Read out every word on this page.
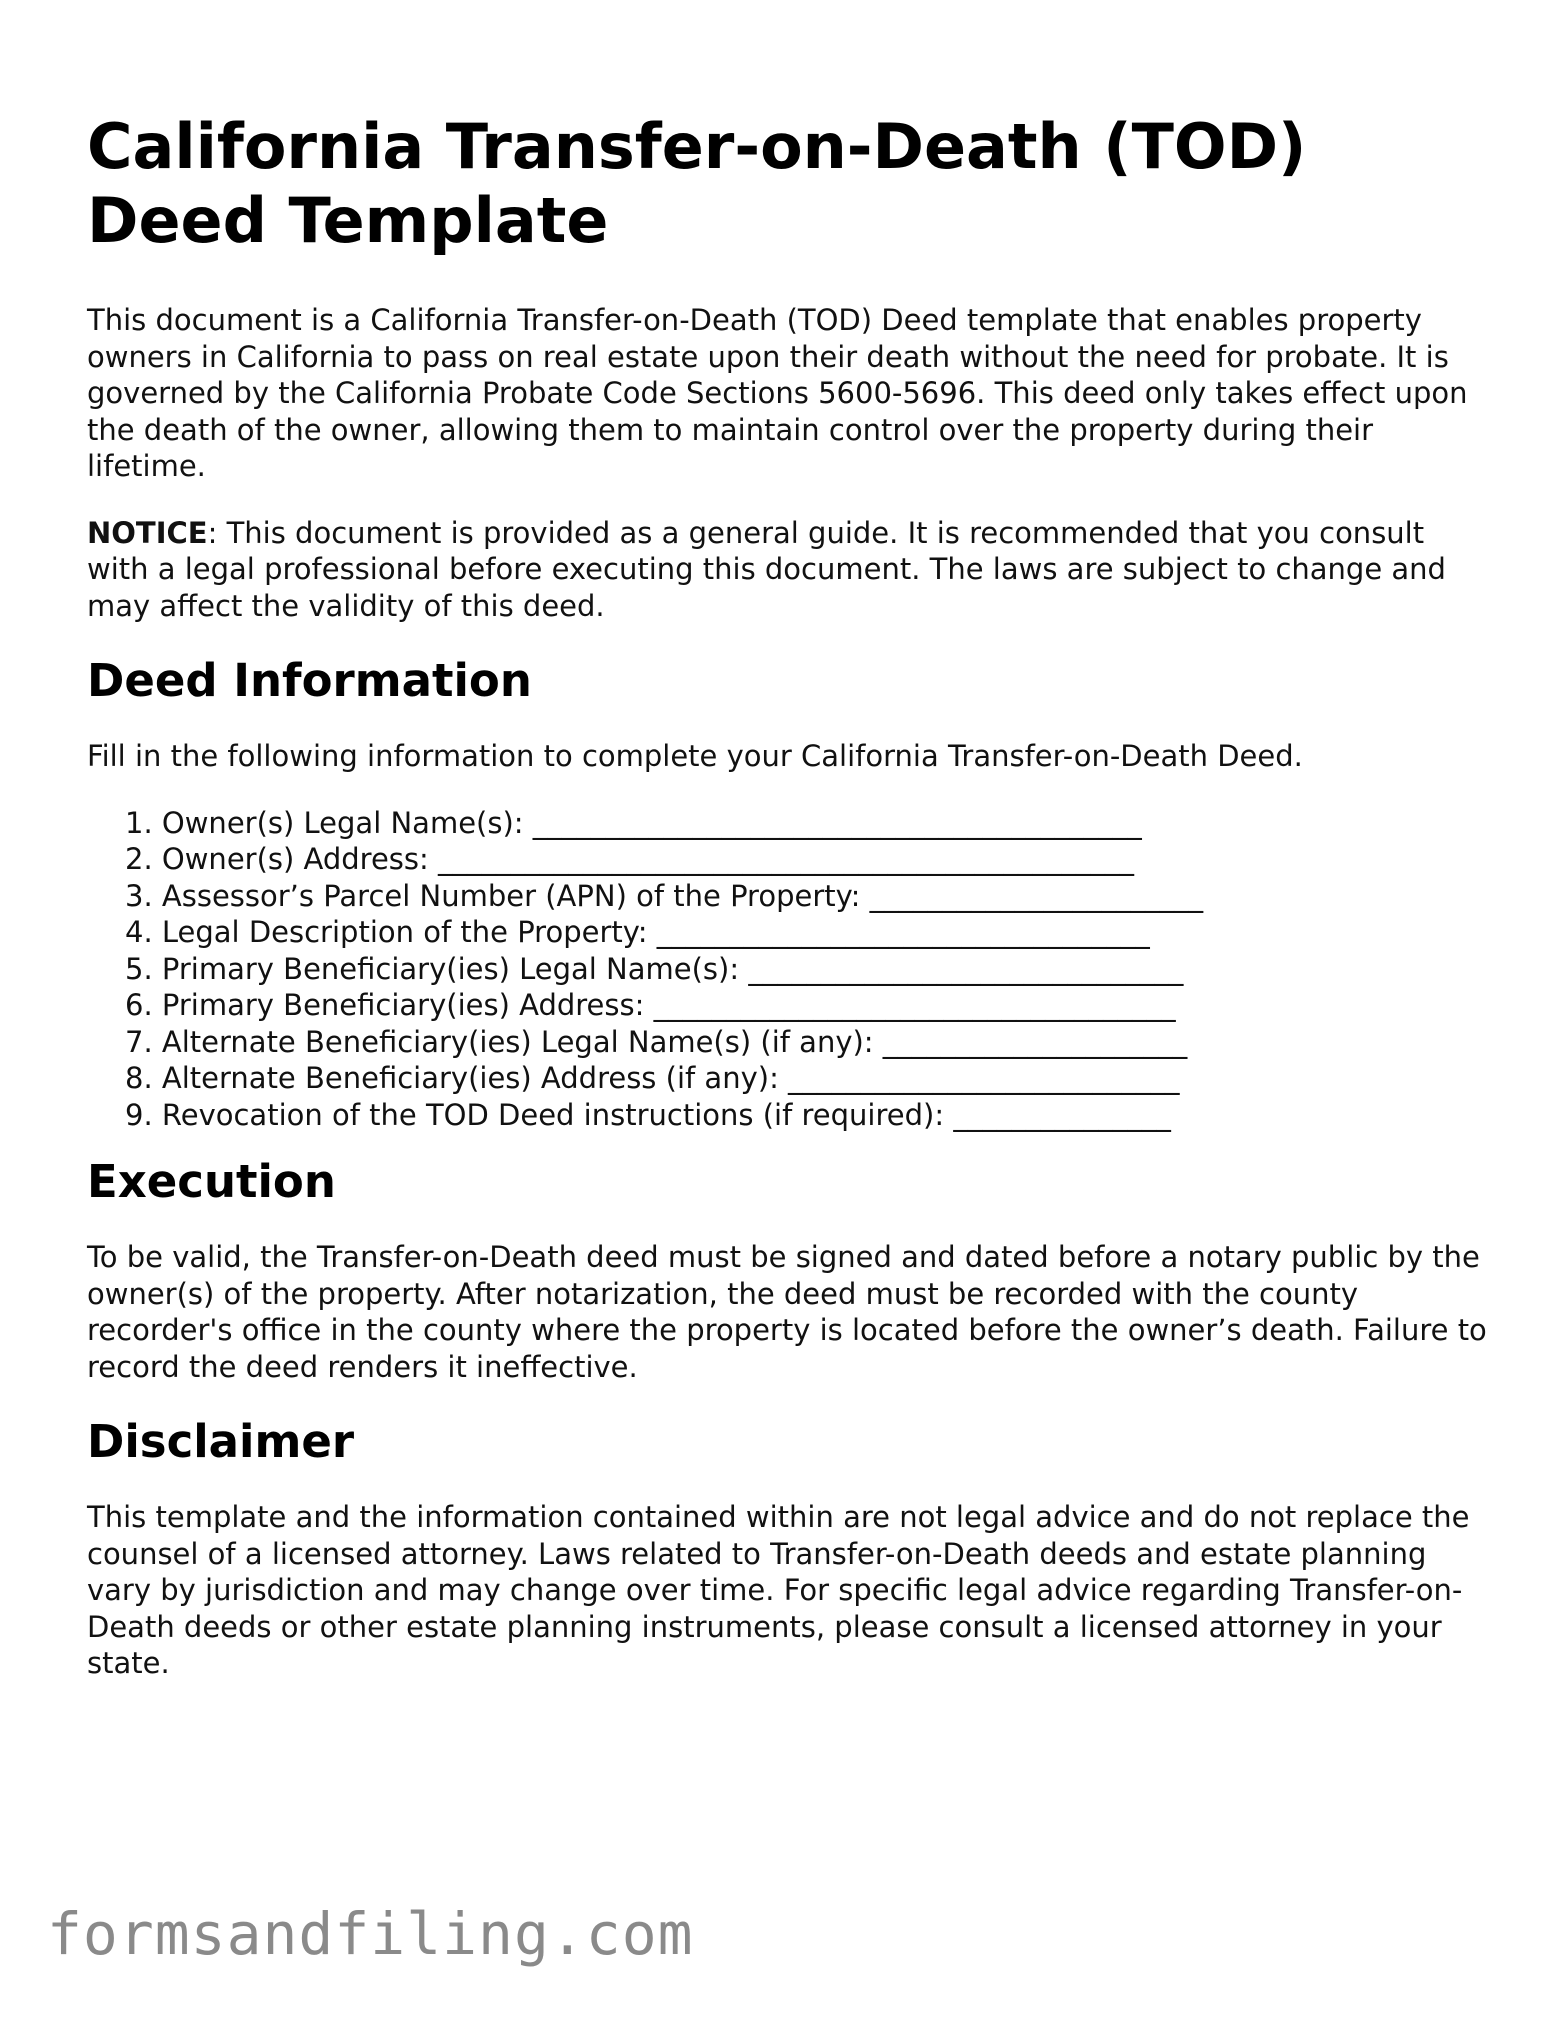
California Transfer-on-Death (TOD) Deed Template

This document is a California Transfer-on-Death (TOD) Deed template that enables property owners in California to pass on real estate upon their death without the need for probate. It is governed by the California Probate Code Sections 5600-5696. This deed only takes effect upon the death of the owner, allowing them to maintain control over the property during their lifetime.

NOTICE: This document is provided as a general guide. It is recommended that you consult with a legal professional before executing this document. The laws are subject to change and may affect the validity of this deed.

Deed Information

Fill in the following information to complete your California Transfer-on-Death Deed.

1. Owner(s) Legal Name(s): __________________________________________
2. Owner(s) Address: ________________________________________________
3. Assessor’s Parcel Number (APN) of the Property: _______________________
4. Legal Description of the Property: __________________________________
5. Primary Beneficiary(ies) Legal Name(s): ______________________________
6. Primary Beneficiary(ies) Address: ____________________________________
7. Alternate Beneficiary(ies) Legal Name(s) (if any): _____________________
8. Alternate Beneficiary(ies) Address (if any): ___________________________
9. Revocation of the TOD Deed instructions (if required): _______________
Execution

To be valid, the Transfer-on-Death deed must be signed and dated before a notary public by the owner(s) of the property. After notarization, the deed must be recorded with the county recorder's office in the county where the property is located before the owner’s death. Failure to record the deed renders it ineffective.

Disclaimer

This template and the information contained within are not legal advice and do not replace the counsel of a licensed attorney. Laws related to Transfer-on-Death deeds and estate planning vary by jurisdiction and may change over time. For specific legal advice regarding Transfer-on-Death deeds or other estate planning instruments, please consult a licensed attorney in your state.

formsandfiling.com
